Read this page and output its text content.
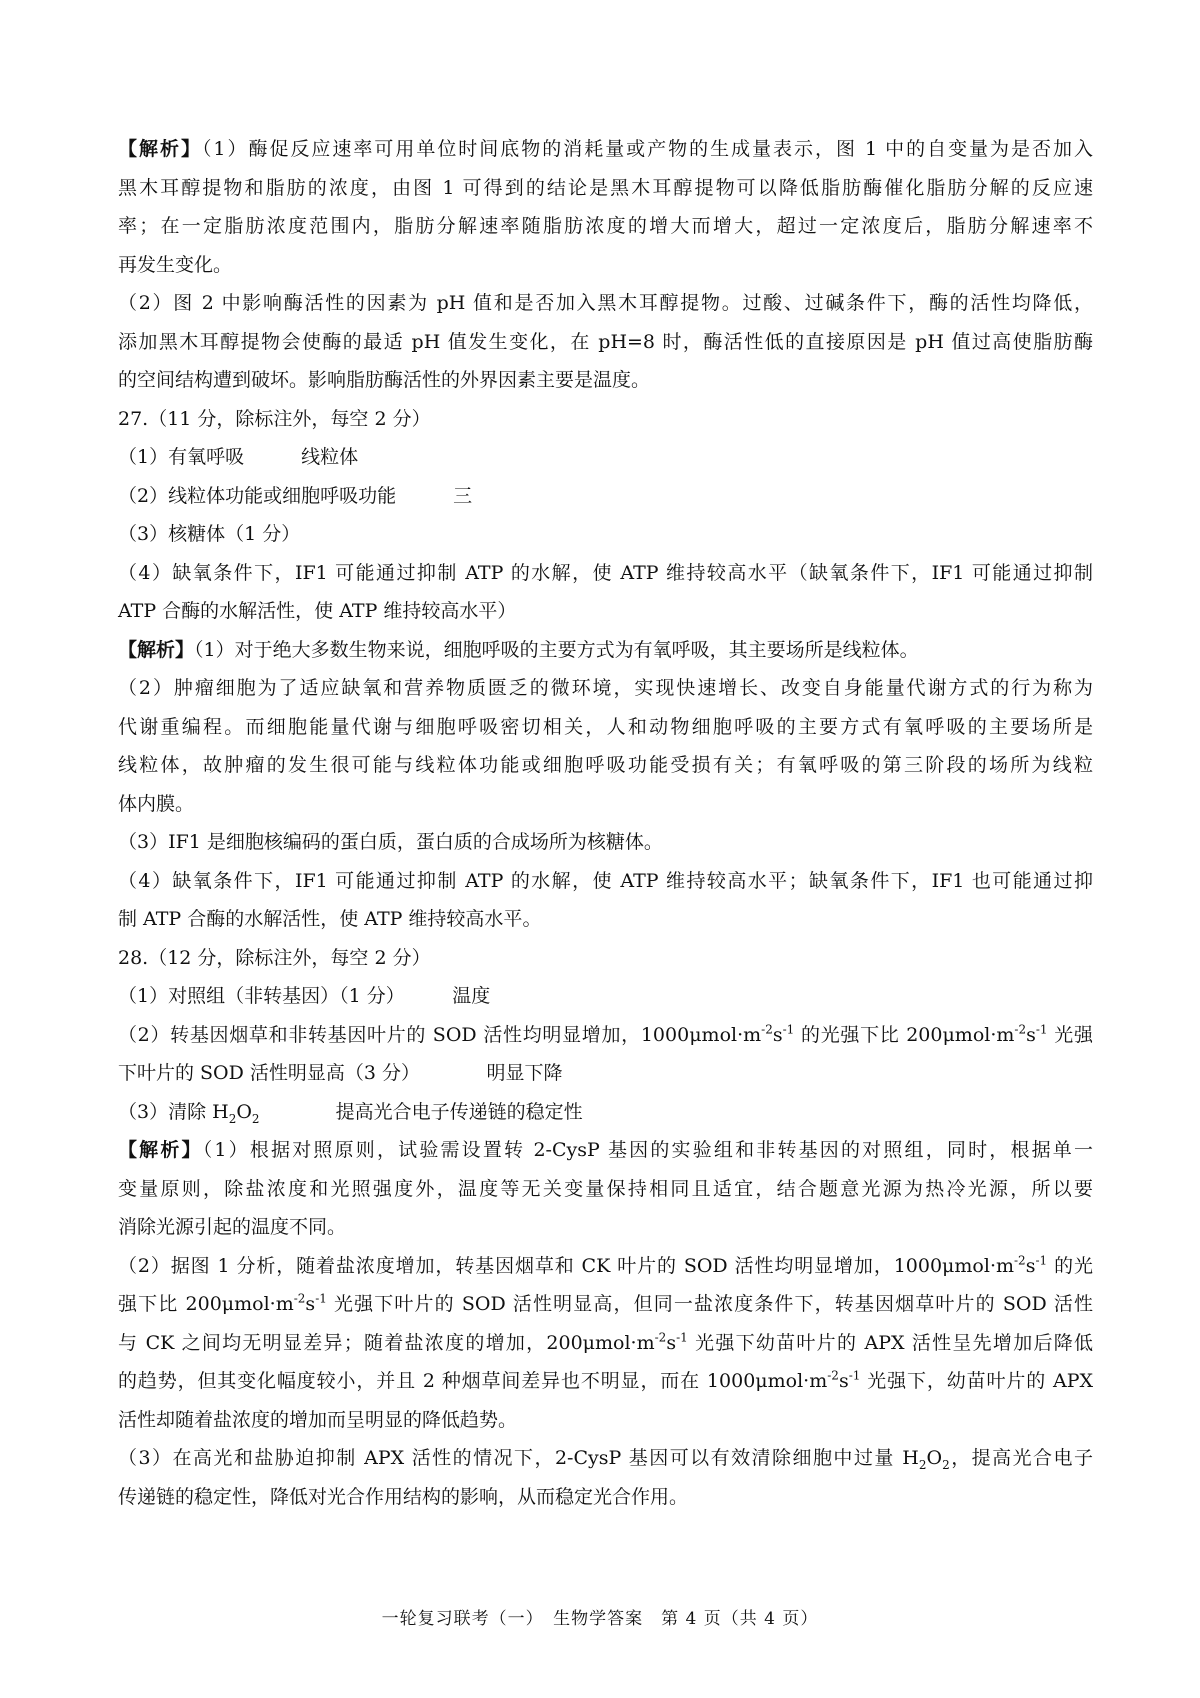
【解析】（1）酶促反应速率可用单位时间底物的消耗量或产物的生成量表示，图 1 中的自变量为是否加入
黑木耳醇提物和脂肪的浓度，由图 1 可得到的结论是黑木耳醇提物可以降低脂肪酶催化脂肪分解的反应速
率；在一定脂肪浓度范围内，脂肪分解速率随脂肪浓度的增大而增大，超过一定浓度后，脂肪分解速率不
再发生变化。
（2）图 2 中影响酶活性的因素为 pH 值和是否加入黑木耳醇提物。过酸、过碱条件下，酶的活性均降低，
添加黑木耳醇提物会使酶的最适 pH 值发生变化，在 pH=8 时，酶活性低的直接原因是 pH 值过高使脂肪酶
的空间结构遭到破坏。影响脂肪酶活性的外界因素主要是温度。
27.（11 分，除标注外，每空 2 分）
（1）有氧呼吸　　　线粒体
（2）线粒体功能或细胞呼吸功能　　　三
（3）核糖体（1 分）
（4）缺氧条件下，IF1 可能通过抑制 ATP 的水解，使 ATP 维持较高水平（缺氧条件下，IF1 可能通过抑制
ATP 合酶的水解活性，使 ATP 维持较高水平）
【解析】（1）对于绝大多数生物来说，细胞呼吸的主要方式为有氧呼吸，其主要场所是线粒体。
（2）肿瘤细胞为了适应缺氧和营养物质匮乏的微环境，实现快速增长、改变自身能量代谢方式的行为称为
代谢重编程。而细胞能量代谢与细胞呼吸密切相关，人和动物细胞呼吸的主要方式有氧呼吸的主要场所是
线粒体，故肿瘤的发生很可能与线粒体功能或细胞呼吸功能受损有关；有氧呼吸的第三阶段的场所为线粒
体内膜。
（3）IF1 是细胞核编码的蛋白质，蛋白质的合成场所为核糖体。
（4）缺氧条件下，IF1 可能通过抑制 ATP 的水解，使 ATP 维持较高水平；缺氧条件下，IF1 也可能通过抑
制 ATP 合酶的水解活性，使 ATP 维持较高水平。
28.（12 分，除标注外，每空 2 分）
（1）对照组（非转基因）（1 分）　　　温度
（2）转基因烟草和非转基因叶片的 SOD 活性均明显增加，$1000\mu mol\cdot m^{-2}s^{-1}$ 的光强下比 $200\mu mol\cdot m^{-2}s^{-1}$ 光强
下叶片的 SOD 活性明显高（3 分）　　　　明显下降
（3）清除 $H_2O_2$　　　　提高光合电子传递链的稳定性
【解析】（1）根据对照原则，试验需设置转 2-CysP 基因的实验组和非转基因的对照组，同时，根据单一
变量原则，除盐浓度和光照强度外，温度等无关变量保持相同且适宜，结合题意光源为热冷光源，所以要
消除光源引起的温度不同。
（2）据图 1 分析，随着盐浓度增加，转基因烟草和 CK 叶片的 SOD 活性均明显增加，$1000\mu mol\cdot m^{-2}s^{-1}$ 的光
强下比 $200\mu mol\cdot m^{-2}s^{-1}$ 光强下叶片的 SOD 活性明显高，但同一盐浓度条件下，转基因烟草叶片的 SOD 活性
与 CK 之间均无明显差异；随着盐浓度的增加，$200\mu mol\cdot m^{-2}s^{-1}$ 光强下幼苗叶片的 APX 活性呈先增加后降低
的趋势，但其变化幅度较小，并且 2 种烟草间差异也不明显，而在 $1000\mu mol\cdot m^{-2}s^{-1}$ 光强下，幼苗叶片的 APX
活性却随着盐浓度的增加而呈明显的降低趋势。
（3）在高光和盐胁迫抑制 APX 活性的情况下，2-CysP 基因可以有效清除细胞中过量 $H_2O_2$，提高光合电子
传递链的稳定性，降低对光合作用结构的影响，从而稳定光合作用。
一轮复习联考（一）　生物学答案　第 4 页（共 4 页）
